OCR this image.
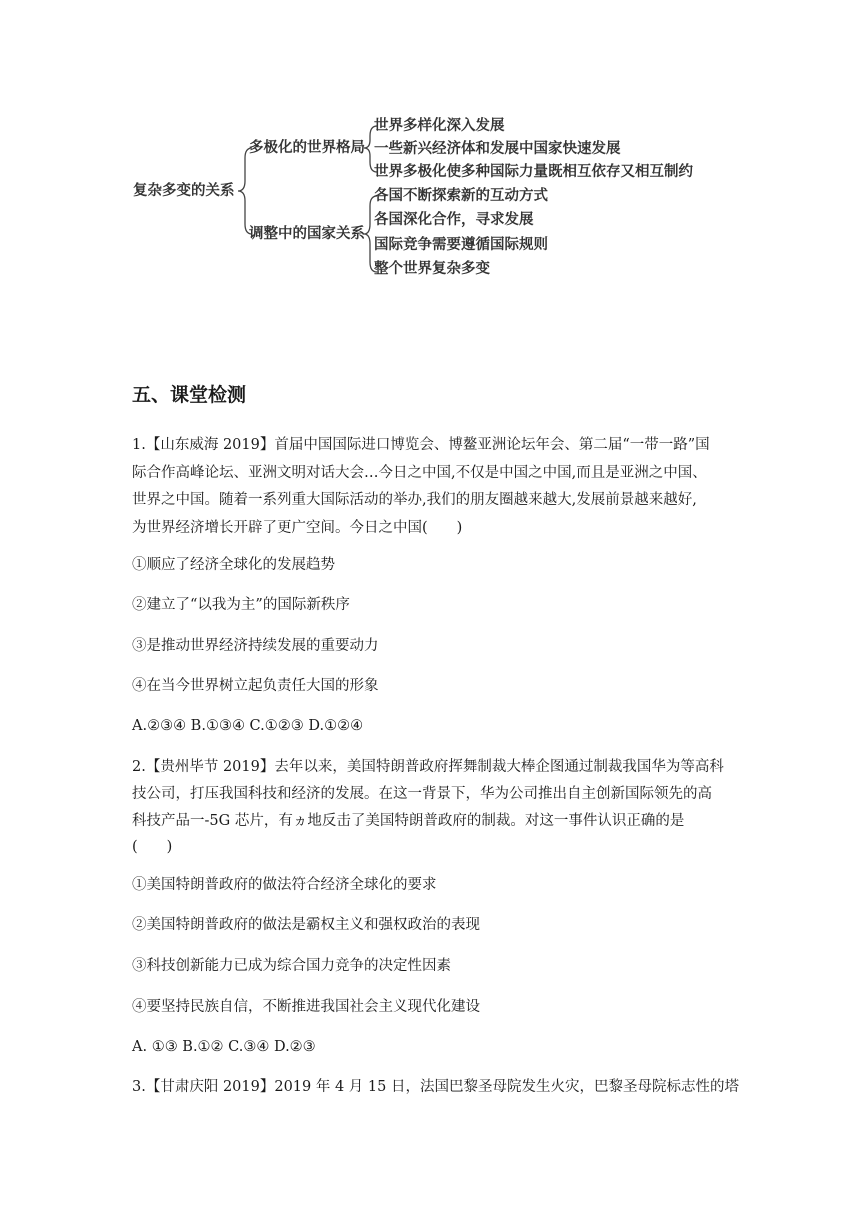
复杂多变的关系
多极化的世界格局
调整中的国家关系
世界多样化深入发展
一些新兴经济体和发展中国家快速发展
世界多极化使多种国际力量既相互依存又相互制约
各国不断探索新的互动方式
各国深化合作，寻求发展
国际竞争需要遵循国际规则
整个世界复杂多变
五、课堂检测

1.【山东威海 2019】首届中国国际进口博览会、博鳌亚洲论坛年会、第二届“一带一路”国

际合作高峰论坛、亚洲文明对话大会…今日之中国,不仅是中国之中国,而且是亚洲之中国、

世界之中国。随着一系列重大国际活动的举办,我们的朋友圈越来越大,发展前景越来越好,

为世界经济增长开辟了更广空间。今日之中国(　　)

①顺应了经济全球化的发展趋势

②建立了“以我为主”的国际新秩序

③是推动世界经济持续发展的重要动力

④在当今世界树立起负责任大国的形象

A.②③④ B.①③④ C.①②③ D.①②④

2.【贵州毕节 2019】去年以来，美国特朗普政府挥舞制裁大棒企图通过制裁我国华为等高科

技公司，打压我国科技和经济的发展。在这一背景下，华为公司推出自主创新国际领先的高

科技产品一-5G 芯片，有ヵ地反击了美国特朗普政府的制裁。对这一事件认识正确的是

(　　)

①美国特朗普政府的做法符合经济全球化的要求

②美国特朗普政府的做法是霸权主义和强权政治的表现

③科技创新能力已成为综合国力竞争的决定性因素

④要坚持民族自信，不断推进我国社会主义现代化建设

A. ①③ B.①② C.③④ D.②③

3.【甘肃庆阳 2019】2019 年 4 月 15 日，法国巴黎圣母院发生火灾，巴黎圣母院标志性的塔
